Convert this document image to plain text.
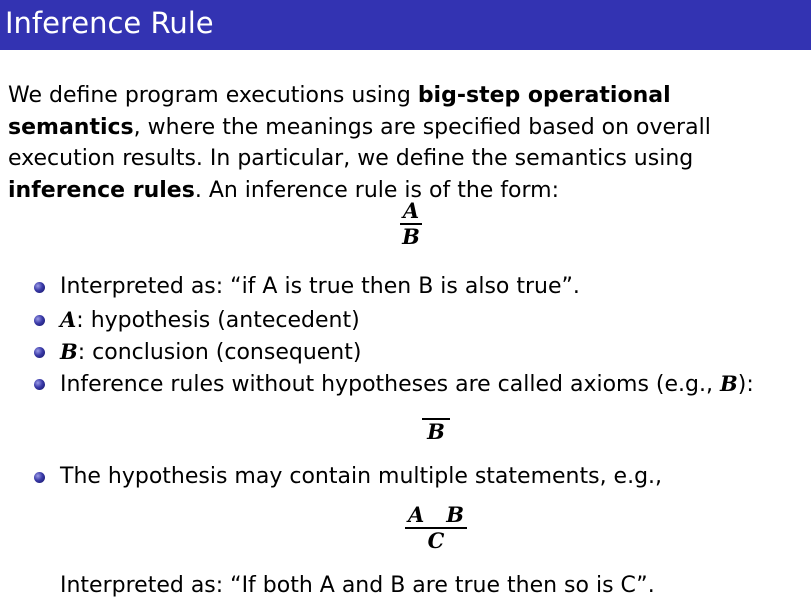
Inference Rule
We define program executions using big-step operational semantics, where the meanings are specified based on overall execution results. In particular, we define the semantics using inference rules. An inference rule is of the form:
$\frac{A}{B}$
Interpreted as: “if A is true then B is also true”.
A: hypothesis (antecedent)
B: conclusion (consequent)
Inference rules without hypotheses are called axioms (e.g., B):
The hypothesis may contain multiple statements, e.g.,
B
$\frac{\text{A B}}{C}$
Interpreted as: “If both A and B are true then so is C”.
